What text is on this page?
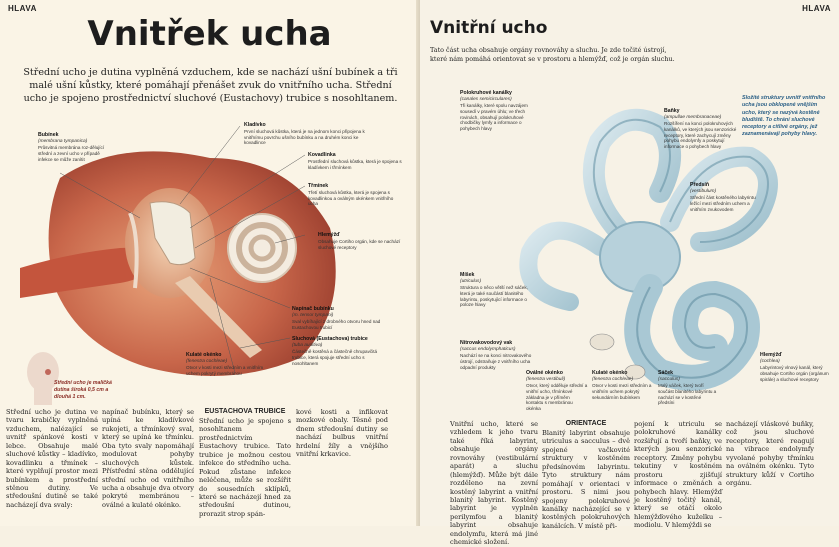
HLAVA
Vnitřek ucha
Střední ucho je dutina vyplněná vzduchem, kde se nachází ušní bubínek a tři malé ušní kůstky, které pomáhají přenášet zvuk do vnitřního ucha. Střední ucho je spojeno prostřednictví sluchové (Eustachovy) trubice s nosohltanem.
Bubínek
(membrana tympanica)
Průsvitná membrána roz-dělující střední a zevní ucho v případě infekce se může zanítit
Kladívko
První sluchová kůstka, která je na jednom konci připojena k vnitřnímu povrchu ušního bubínku a na druhém konci ke kovadlince
Kovadlinka
Prostřední sluchová kůstka, která je spojena s kladívkem i třmínkem
Třmínek
Třetí sluchová kůstka, která je spojena s kovadlinkou a oválným okénkem vnitřního ucha
Hlemýžď
Obsahuje Cortiho orgán, kde se nachází sluchové receptory
Napínač bubínku
(m. tensor tympani)
Sval vybíhající z drobného otvoru hned nad Eustachovou trubicí
Sluchová (Eustachova) trubice
(tuba auditiva)
Částečně kostěná a částečně chrupavčitá trubice, která spojuje střední ucho s nosohltanem
Kulaté okénko
(fenestra cochleae)
Otvor v kosti mezi středním a vnitřním uchem pokrytý membránou
Střední ucho je maličká dutina široká 0,5 cm a dlouhá 1 cm.
Střední ucho je dutina ve tvaru krabičky vyplněná vzduchem, nalézající se uvnitř spánkové kosti v lebce. Obsahuje malé sluchové kůstky – kladívko, kovadlinku a třmínek – které vyplňují prostor mezi bubínkem a prostřední stěnou dutiny. Ve středoušní dutině se také nacházejí dva svaly:
napínač bubínku, který se upíná ke kladívkové rukojeti, a třmínkový sval, který se upíná ke třmínku. Oba tyto svaly napomáhají modulovat pohyby sluchových kůstek. Přístřední stěna oddělující střední ucho od vnitřního ucha a obsahuje dva otvory pokryté membránou – oválné a kulaté okénko.
EUSTACHOVA TRUBICE
Střední ucho je spojeno s nosohltanem prostřednictvím Eustachovy trubice. Tato trubice je možnou cestou infekce do středního ucha. Pokud zůstane infekce neléčena, může se rozšířit do sousedních sklípků, které se nacházejí hned za středoušní dutinou, prorazit strop spán-
kové kosti a infikovat mozkové obaly. Těsně pod dnem středoušní dutiny se nachází bulbus vnitřní hrdelní žíly a vnějšího vnitřní krkavice.
HLAVA
Vnitřní ucho
Tato část ucha obsahuje orgány rovnováhy a sluchu. Je zde točité ústrojí, které nám pomáhá orientovat se v prostoru a hlemýžď, což je orgán sluchu.
Složité struktury uvnitř vnitřního ucha jsou obklopené vnějším ucho, který se nazývá kostěné bludiště. To chrání sluchové receptory a citlivé orgány, jež zaznamenávají pohyby hlavy.
Polokruhové kanálky
(canales semicirculares)
Tři kanálky, které spolu navzájem sousedí v pravém úhlu; ve třech rovinách, obsahují polokruhové chodbičky lymfy a informace o pohybech hlavy
Baňky
(ampullae membranaceae)
Rozšíření na konci polokruhových kanálků, ve kterých jsou senzorické receptory, které zachycují změny pohybu endolymfy a poskytují informace o pohybech hlavy
Předsíň
(vestibulum)
Střední část kostěného labyrintu ležící mezi středním uchem a vnitřním zvukovodem
Míšek
(utriculus)
Struktura o něco větší než sáček, která je také součástí blanitého labyrintu, poskytující informace o poloze hlavy
Nitrovakovodový vak
(saccus endolymphaticus)
Nachází se na konci nitrovakového ústrojí, odstraňuje z vnitřního ucha odpadní produkty
Oválné okénko
(fenestra vestibuli)
Otvor, který odděluje střední a vnitřní ucho, třmínkové základna je v příměm kontaktu s membránou okénka
Kulaté okénko
(fenestra cochleae)
Otvor v kosti mezi středním a vnitřním uchem pokrytý sekundárním bubínkem
Sáček
(sacculus)
Malý váček, který tvoří součást blanitého labyrintu a nachází se v kostěné předsíni
Hlemýžď
(cochlea)
Labyrintový vlnový kanál, který obsahuje Cortiho orgán (orgánum spirále) a sluchové receptory
Vnitřní ucho, které se vzhledem k jeho tvaru také říká labyrint, obsahuje orgány rovnováhy (vestibulární aparát) a sluchu (hlemýžď). Může být dále rozděleno na zevní kostěný labyrint a vnitřní blanitý labyrint. Kostěný labyrint je vyplněn perilymfou a blanitý labyrint obsahuje endolymfu, která má jiné chemické složení.
ORIENTACE
Blanitý labyrint obsahuje utriculus a sacculus – dvě spojené vačkovité struktury v kostěném předsínovém labyrintu. Tyto struktury nám pomáhají v orientaci v prostoru. S nimi jsou spojeny polokruhové kanálky nacházející se v kostěných polokruhových kanálcích. V místě při-
pojení k utriculu se polokruhové kanálky rozšiřují a tvoří baňky, ve kterých jsou senzorické receptory. Změny pohybu tekutiny v kostěném prostoru zjišťují informace o změnách a pohybech hlavy. Hlemýžď je kostěný točitý kanál, který se otáčí okolo hlemýžďového kuželku – modiolu. V hlemýždi se
nacházejí vláskové buňky, což jsou sluchové receptory, které reagují na vibrace endolymfy vyvolané pohyby třmínku na oválném okénku. Tyto struktury kůží v Cortiho orgánu.
